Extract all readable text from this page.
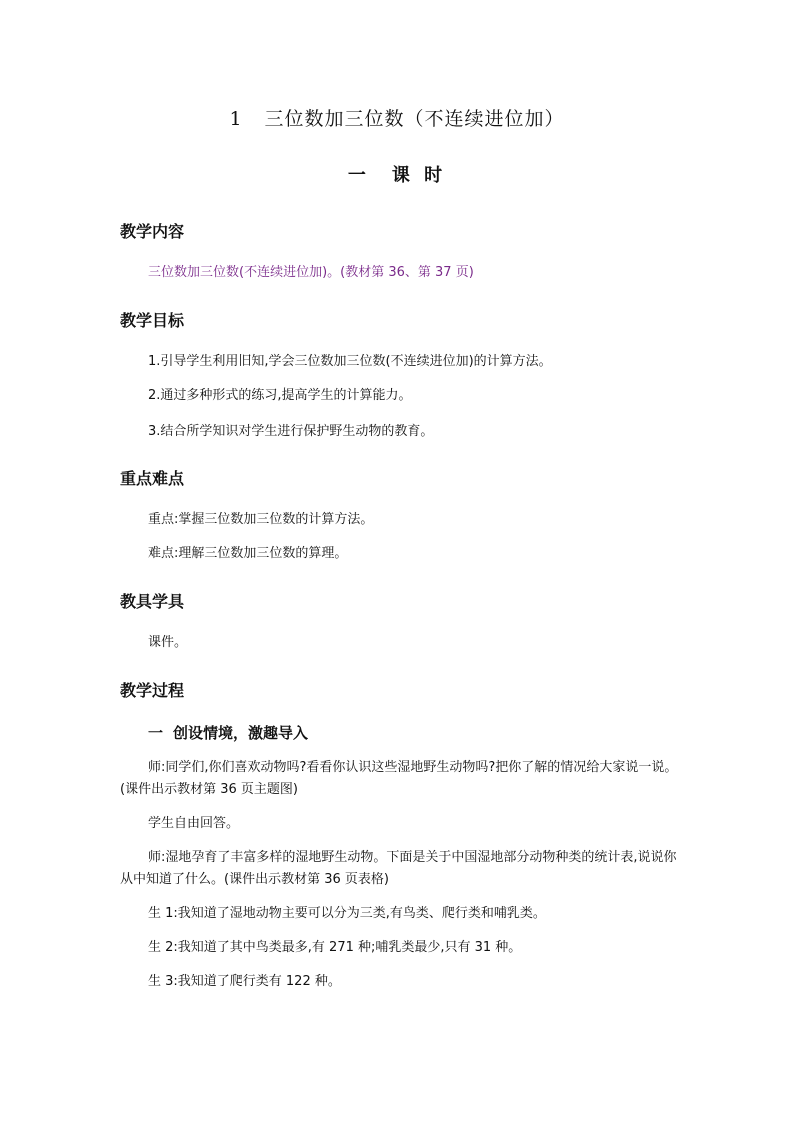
1 三位数加三位数（不连续进位加）
一 课 时
教学内容
三位数加三位数(不连续进位加)。(教材第 36、第 37 页)
教学目标
1.引导学生利用旧知,学会三位数加三位数(不连续进位加)的计算方法。
2.通过多种形式的练习,提高学生的计算能力。
3.结合所学知识对学生进行保护野生动物的教育。
重点难点
重点:掌握三位数加三位数的计算方法。
难点:理解三位数加三位数的算理。
教具学具
课件。
教学过程
一 创设情境，激趣导入
师:同学们,你们喜欢动物吗?看看你认识这些湿地野生动物吗?把你了解的情况给大家说一说。(课件出示教材第 36 页主题图)
学生自由回答。
师:湿地孕育了丰富多样的湿地野生动物。下面是关于中国湿地部分动物种类的统计表,说说你从中知道了什么。(课件出示教材第 36 页表格)
生 1:我知道了湿地动物主要可以分为三类,有鸟类、爬行类和哺乳类。
生 2:我知道了其中鸟类最多,有 271 种;哺乳类最少,只有 31 种。
生 3:我知道了爬行类有 122 种。
